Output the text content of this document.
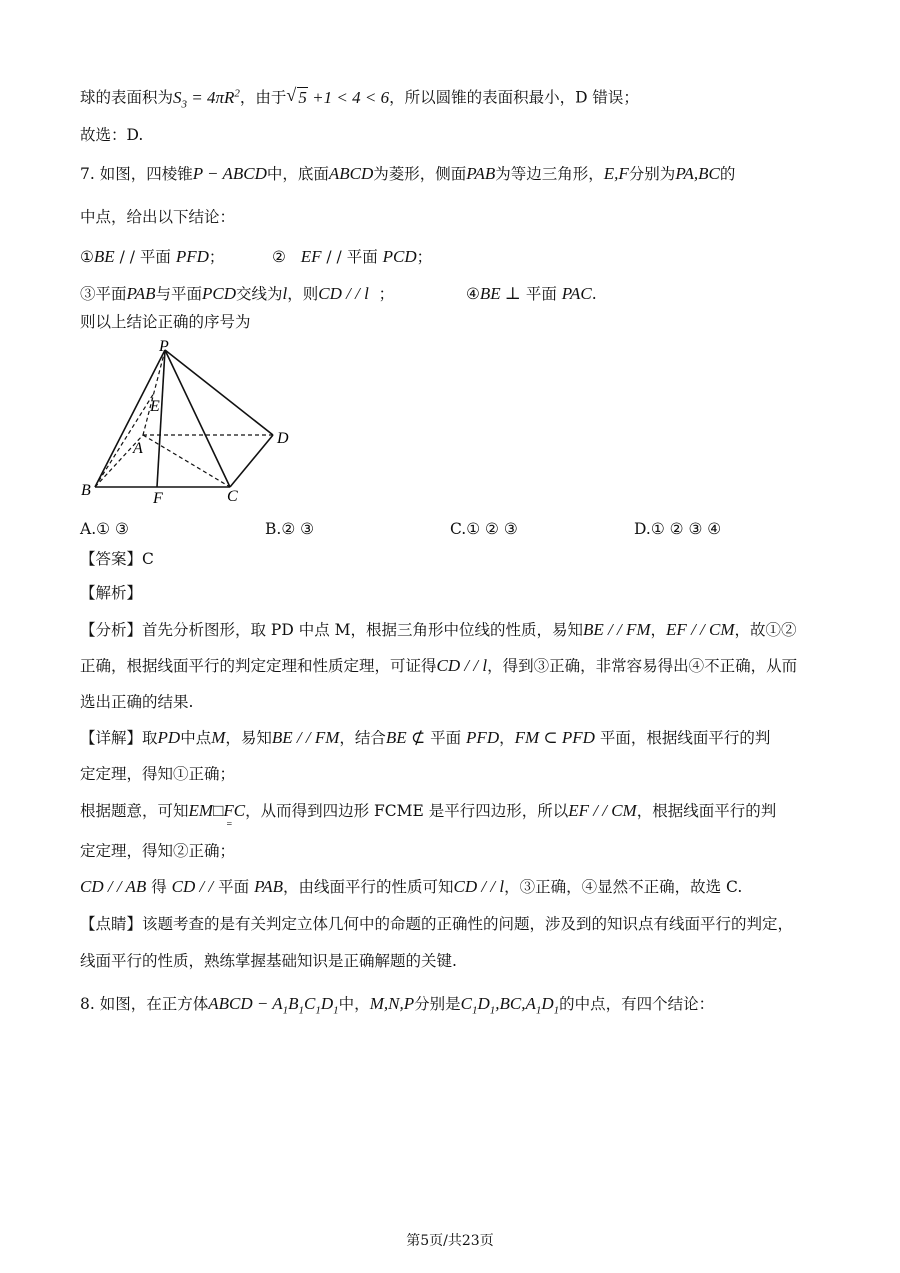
球的表面积为$S_3 = 4\pi R^2$，由于√ 5 +1 < 4 < 6，所以圆锥的表面积最小，D 错误；
故选：D.
7. 如图，四棱锥P − ABCD中，底面ABCD为菱形，侧面PAB为等边三角形，E,F分别为PA,BC的
中点，给出以下结论：
①BE / / 平面 PFD；	② EF / / 平面 PCD；
③平面PAB与平面PCD交线为l，则CD / / l ；	④BE ⊥ 平面 PAC.
则以上结论正确的序号为
P
E
A
D
B	F	C
A.① ③	B.② ③	C.① ② ③	D.① ② ③ ④
【答案】C
【解析】
【分析】首先分析图形，取 PD 中点 M，根据三角形中位线的性质，易知BE / / FM，EF / / CM，故①②
正确，根据线面平行的判定定理和性质定理，可证得CD / / l，得到③正确，非常容易得出④不正确，从而
选出正确的结果.
【详解】取PD中点M，易知BE / / FM，结合BE ⊄ 平面 PFD，FM ⊂ PFD 平面，根据线面平行的判
定定理，得知①正确；
根据题意，可知EM□FC
=
，从而得到四边形 FCME 是平行四边形，所以EF / / CM，根据线面平行的判
定定理，得知②正确；
CD / / AB 得 CD / / 平面 PAB，由线面平行的性质可知CD / / l，③正确，④显然不正确，故选 C.
【点睛】该题考查的是有关判定立体几何中的命题的正确性的问题，涉及到的知识点有线面平行的判定，
线面平行的性质，熟练掌握基础知识是正确解题的关键.
8. 如图，在正方体ABCD − $A_1B_1C_1D_1$中，M,N,P分别是$C_1D_1,BC,A_1D_1$的中点，有四个结论：
第5页/共23页
